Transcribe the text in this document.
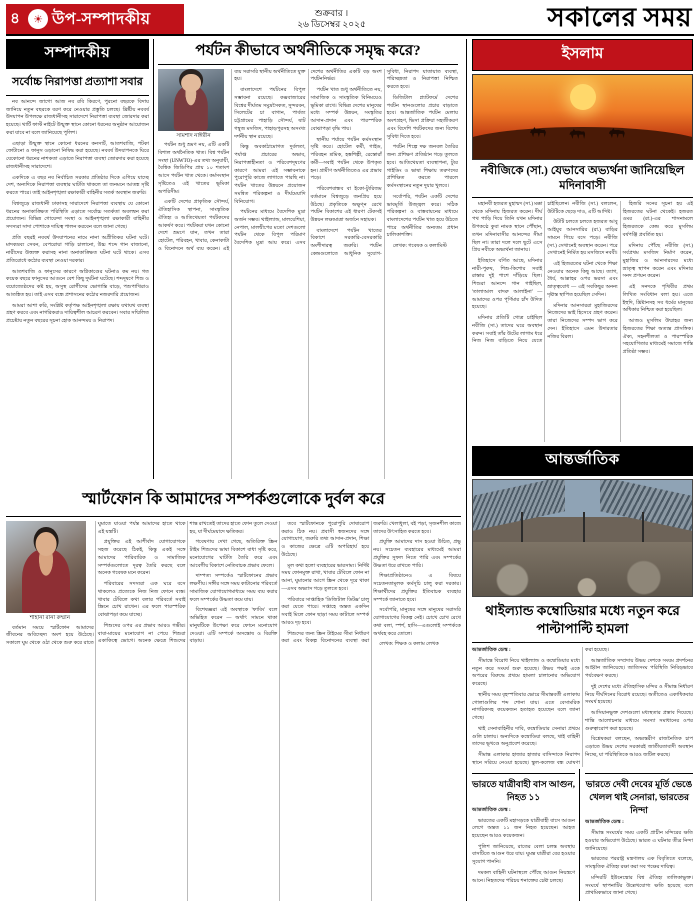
৪	☀ উপ-সম্পাদকীয়	শুক্রবার ।
২৬ ডিসেম্বর ২০২৫	সকালের সময়
সম্পাদকীয়
সর্বোচ্চ নিরাপত্তা প্রত্যাশা সবার

নব আনন্দে জাগো আজ নব রবি কিরণে, পুরনো বছরকে বিদায় জানিয়ে নতুন বছরকে বরণ করে নেওয়ার প্রস্তুতি চলছে। খ্রিষ্টীয় নববর্ষ উদযাপন উপলক্ষে রাজধানীসহ সারাদেশে নিরাপত্তা ব্যবস্থা জোরদার করা হয়েছে। থার্টি ফার্স্ট নাইটে উন্মুক্ত স্থানে কোনো ধরনের অনুষ্ঠান আয়োজন করা যাবে না বলে জানিয়েছে পুলিশ।

এছাড়া উন্মুক্ত স্থানে কোনো ধরনের কনসার্ট, আতশবাজি, পটকা ফোটানো ও ফানুস ওড়ানো নিষিদ্ধ করা হয়েছে। নববর্ষ উদযাপনকে ঘিরে যেকোনো ধরনের নাশকতা এড়াতে নিরাপত্তা ব্যবস্থা জোরদার করা হয়েছে রাজধানীসহ সারাদেশে।

একদিকে এ বছর নব নির্বাচিত সরকার প্রতিষ্ঠার দিকে এগিয়ে যাচ্ছে দেশ, অন্যদিকে নিরাপত্তা ব্যবস্থার ঘাটতি থাকলে তা জনমনে আতঙ্ক সৃষ্টি করতে পারে। তাই আইনশৃঙ্খলা রক্ষাকারী বাহিনীর সতর্ক অবস্থান জরুরি।

বিশ্বজুড়ে রাজধানী ঢাকাসহ সারাদেশে নিরাপত্তা ব্যবস্থায় যে কোনো ধরনের অনাকাঙ্ক্ষিত পরিস্থিতি এড়াতে সর্বোচ্চ সতর্কতা অবলম্বন করা প্রয়োজন। বিভিন্ন গোয়েন্দা সংস্থা ও আইনশৃঙ্খলা রক্ষাকারী বাহিনীর সদস্যরা সাদা পোশাকে দায়িত্ব পালন করবেন বলে জানা গেছে।

প্রতি বছরই নববর্ষ উদযাপনের নামে নানা অপ্রীতিকর ঘটনা ঘটে। মাদকদ্রব্য সেবন, বেপরোয়া গাড়ি চালানো, উচ্চ শব্দে গান বাজানো, নারীদের উত্ত্যক্ত করাসহ নানা অনাকাঙ্ক্ষিত ঘটনা ঘটে থাকে। এসব প্রতিরোধে কঠোর ব্যবস্থা নেওয়া দরকার।

আতশবাজি ও ফানুসের কারণে অগ্নিকাণ্ডের ঘটনাও কম নয়। গত কয়েক বছরে ফানুসের আগুনে বেশ কিছু দুর্ঘটনা ঘটেছে। শব্দদূষণে শিশু ও বয়োজ্যেষ্ঠদের কষ্ট হয়, অসুস্থ রোগীদের ভোগান্তি বাড়ে, পশুপাখিরাও আতঙ্কিত হয়। তাই এসব বন্ধে প্রশাসনের কঠোর নজরদারি প্রয়োজন।

আমরা আশা করি, সংশ্লিষ্ট কর্তৃপক্ষ আইনশৃঙ্খলা রক্ষায় যথাযথ ব্যবস্থা গ্রহণ করবে এবং নাগরিকরাও দায়িত্বশীল আচরণ করবেন। সবার সম্মিলিত প্রচেষ্টায় নতুন বছরের সূচনা হোক আনন্দময় ও নিরাপদ।

পর্যটন কীভাবে অর্থনীতিকে সমৃদ্ধ করে?
সামশাদ নাঈরীন

পর্যটন শুধু ভ্রমণ নয়, এটি একটি বিশাল অর্থনৈতিক খাত। বিশ্ব পর্যটন সংস্থা (UNWTO)-এর তথ্য অনুযায়ী, বৈশ্বিক জিডিপির প্রায় ১০ শতাংশ আসে পর্যটন খাত থেকে। কর্মসংস্থান সৃষ্টিতেও এই খাতের ভূমিকা অপরিসীম।

একটি দেশের প্রাকৃতিক সৌন্দর্য, ঐতিহাসিক স্থাপনা, সাংস্কৃতিক ঐতিহ্য ও আতিথেয়তা পর্যটকদের আকর্ষণ করে। পর্যটকরা যখন কোনো দেশে ভ্রমণে যান, তখন তারা হোটেল, পরিবহন, খাবার, কেনাকাটা ও বিনোদনে অর্থ ব্যয় করেন। এই ব্যয় সরাসরি স্থানীয় অর্থনীতিতে যুক্ত হয়।

বাংলাদেশে পর্যটনের বিপুল সম্ভাবনা রয়েছে। কক্সবাজারের বিশ্বের দীর্ঘতম সমুদ্রসৈকত, সুন্দরবন, সিলেটের চা বাগান, পার্বত্য চট্টগ্রামের পাহাড়ি সৌন্দর্য, ষাট গম্বুজ মসজিদ, পাহাড়পুরসহ অসংখ্য দর্শনীয় স্থান রয়েছে।

কিন্তু অবকাঠামোগত দুর্বলতা, পর্যাপ্ত প্রচারের অভাব, নিরাপত্তাহীনতা ও পরিবেশদূষণের কারণে আমরা এই সম্ভাবনাকে পুরোপুরি কাজে লাগাতে পারছি না। পর্যটন খাতের উন্নয়নে প্রয়োজন সমন্বিত পরিকল্পনা ও দীর্ঘমেয়াদি বিনিয়োগ।

পর্যটনের মাধ্যমে বৈদেশিক মুদ্রা অর্জন সম্ভব। থাইল্যান্ড, মালয়েশিয়া, নেপাল, মালদ্বীপের মতো দেশগুলো পর্যটন থেকে বিপুল পরিমাণ বৈদেশিক মুদ্রা আয় করে। এসব দেশের অর্থনীতির একটি বড় অংশ পর্যটননির্ভর।

পর্যটন খাত শুধু অর্থনীতিতে নয়, সামাজিক ও সাংস্কৃতিক বিনিময়েও ভূমিকা রাখে। বিভিন্ন দেশের মানুষের মধ্যে সম্পর্ক উন্নয়ন, সংস্কৃতির আদান-প্রদান এবং পারস্পরিক বোঝাপড়া বৃদ্ধি পায়।

স্থানীয় পর্যায়ে পর্যটন কর্মসংস্থান সৃষ্টি করে। হোটেল কর্মী, গাইড, পরিবহন শ্রমিক, হস্তশিল্পী, রেস্তোরাঁ কর্মী—সবাই পর্যটন থেকে উপকৃত হন। গ্রামীণ অর্থনীতিতেও এর প্রভাব পড়ে।

পরিবেশবান্ধব বা ইকো-ট্যুরিজম বর্তমানে বিশ্বজুড়ে জনপ্রিয় হয়ে উঠছে। প্রকৃতিকে অক্ষুণ্ন রেখে পর্যটন বিকাশের এই ধারণা টেকসই উন্নয়ন লক্ষ্যমাত্রা অর্জনে সহায়ক।

বাংলাদেশে পর্যটন খাতের বিকাশে সরকারি-বেসরকারি অংশীদারত্ব জরুরি। পর্যটন কেন্দ্রগুলোতে আধুনিক সুযোগ-সুবিধা, নিরাপদ যাতায়াত ব্যবস্থা, পরিচ্ছন্নতা ও নিরাপত্তা নিশ্চিত করতে হবে।

ডিজিটাল প্ল্যাটফর্মে দেশের পর্যটন স্থানগুলোর প্রচার বাড়াতে হবে। আন্তর্জাতিক পর্যটন মেলায় অংশগ্রহণ, ভিসা প্রক্রিয়া সহজীকরণ এবং বিদেশি পর্যটকদের জন্য বিশেষ সুবিধা দিতে হবে।

পর্যটন শিল্পে দক্ষ জনবল তৈরির জন্য প্রশিক্ষণ প্রতিষ্ঠান গড়ে তুলতে হবে। আতিথেয়তা ব্যবস্থাপনা, ট্যুর গাইডিং ও ভাষা শিক্ষায় তরুণদের প্রশিক্ষিত করতে পারলে কর্মসংস্থানের নতুন দুয়ার খুলবে।

সর্বোপরি, পর্যটন একটি দেশের ভাবমূর্তি উজ্জ্বল করে। সঠিক পরিকল্পনা ও বাস্তবায়নের মাধ্যমে বাংলাদেশের পর্যটন খাত হয়ে উঠতে পারে অর্থনীতির অন্যতম প্রধান চালিকাশক্তি।

লেখক: গবেষক ও কলামিস্ট

স্মার্টফোন কি আমাদের সম্পর্কগুলোকে দুর্বল করে
শাহানা রানা রুম্মান

বর্তমান সময়ে স্মার্টফোন আমাদের জীবনের অবিচ্ছেদ্য অংশ হয়ে উঠেছে। সকালে ঘুম থেকে ওঠা থেকে শুরু করে রাতে ঘুমাতে যাওয়া পর্যন্ত আমাদের হাতে থাকে এই যন্ত্রটি।

প্রযুক্তির এই আশীর্বাদ যোগাযোগকে সহজ করেছে ঠিকই, কিন্তু একই সঙ্গে আমাদের পারিবারিক ও সামাজিক সম্পর্কগুলোতে দূরত্ব তৈরি করছে বলে অনেক গবেষক মনে করেন।

পরিবারের সদস্যরা এক ঘরে বসে থাকলেও প্রত্যেকে নিজ নিজ ফোনে ব্যস্ত। খাবার টেবিলে কথা বলার পরিবর্তে সবাই স্ক্রিনে চোখ রাখেন। এর ফলে পারস্পরিক বোঝাপড়া কমে যাচ্ছে।

শিশুদের ওপর এর প্রভাব আরও গভীর। বাবা-মায়ের মনোযোগ না পেয়ে শিশুরা একাকিত্বে ভোগে। অনেক ক্ষেত্রে শিশুদের শান্ত রাখতেই তাদের হাতে ফোন তুলে দেওয়া হয়, যা দীর্ঘমেয়াদে ক্ষতিকর।

গবেষণায় দেখা গেছে, অতিরিক্ত স্ক্রিন টাইম শিশুদের ভাষা বিকাশে বাধা সৃষ্টি করে, মনোযোগের ঘাটতি তৈরি করে এবং আবেগীয় বিকাশে নেতিবাচক প্রভাব ফেলে।

দাম্পত্য সম্পর্কেও স্মার্টফোনের প্রভাব লক্ষণীয়। সঙ্গীর সঙ্গে সময় কাটানোর পরিবর্তে সামাজিক যোগাযোগমাধ্যমে সময় ব্যয় করার ফলে সম্পর্কের উষ্ণতা কমে যায়।

বিশেষজ্ঞরা এই অবস্থাকে 'ফাবিং' বলে অভিহিত করেন — অর্থাৎ সামনে থাকা মানুষটিকে উপেক্ষা করে ফোনে মনোযোগ দেওয়া। এটি সম্পর্কে অসন্তোষ ও বিরক্তি বাড়ায়।

তবে স্মার্টফোনকে পুরোপুরি দোষারোপ করাও ঠিক নয়। প্রবাসী স্বজনদের সঙ্গে যোগাযোগ, জরুরি তথ্য আদান-প্রদান, শিক্ষা ও কাজের ক্ষেত্রে এটি অপরিহার্য হয়ে উঠেছে।

মূল কথা হলো ব্যবহারের ভারসাম্য। নির্দিষ্ট সময় ফোনমুক্ত রাখা, খাবার টেবিলে ফোন না আনা, ঘুমানোর আগে স্ক্রিন থেকে দূরে থাকা—এসব অভ্যাস গড়ে তুলতে হবে।

পরিবারে সাপ্তাহিক 'ডিজিটাল ডিটক্স' চালু করা যেতে পারে। সপ্তাহে অন্তত একদিন সবাই মিলে ফোন ছাড়া সময় কাটালে সম্পর্ক আরও দৃঢ় হবে।

শিশুদের জন্য স্ক্রিন টাইমের সীমা নির্ধারণ করা এবং বিকল্প বিনোদনের ব্যবস্থা করা জরুরি। খেলাধুলা, বই পড়া, সৃজনশীল কাজে তাদের উৎসাহিত করতে হবে।

প্রযুক্তি আমাদের দাস হওয়া উচিত, প্রভু নয়। সচেতন ব্যবহারের মাধ্যমেই আমরা প্রযুক্তির সুফল নিতে পারি এবং সম্পর্কের উষ্ণতা ধরে রাখতে পারি।

শিক্ষাপ্রতিষ্ঠানেও এ বিষয়ে সচেতনতামূলক কর্মসূচি চালু করা দরকার। শিক্ষার্থীদের প্রযুক্তির ইতিবাচক ব্যবহার সম্পর্কে জানাতে হবে।

সর্বোপরি, মানুষের সঙ্গে মানুষের সরাসরি যোগাযোগের বিকল্প নেই। চোখে চোখ রেখে কথা বলা, স্পর্শ, হাসি—এগুলোই সম্পর্ককে অর্থবহ করে তোলে।

লেখক: শিক্ষক ও কলাম লেখক

ইসলাম
নবীজিকে (সা.) যেভাবে অভ্যর্থনা জানিয়েছিল মদিনাবাসী

মহানবী হজরত মুহাম্মদ (সা.) মক্কা থেকে মদিনায় হিজরত করেন। দীর্ঘ পথ পাড়ি দিয়ে তিনি যখন মদিনার উপকণ্ঠে কুবা নামক স্থানে পৌঁছান, তখন মদিনাবাসীর আনন্দের সীমা ছিল না। তারা দলে দলে ছুটে এসে প্রিয় নবীকে অভ্যর্থনা জানায়।

ইতিহাসে বর্ণিত আছে, মদিনার নারী-পুরুষ, শিশু-কিশোর সবাই রাস্তার দুই পাশে দাঁড়িয়ে ছিল। শিশুরা আনন্দে গান গাইছিল, 'তালাআল বাদরু আলাইনা' — আমাদের ওপর পূর্ণিমার চাঁদ উদিত হয়েছে।

মদিনার প্রতিটি গোত্র চাইছিল নবীজি (সা.) তাদের ঘরে অবস্থান করুন। সবাই তাঁর উটের লাগাম ধরে নিজ নিজ বাড়িতে নিয়ে যেতে চাইছিলেন। নবীজি (সা.) বললেন, উটটিকে ছেড়ে দাও, এটি আদিষ্ট।

উটটি চলতে চলতে হজরত আবু আইয়ুব আনসারির (রা.) বাড়ির সামনে গিয়ে বসে পড়ে। নবীজি (সা.) সেখানেই অবস্থান করেন। পরে সেখানেই নির্মিত হয় মসজিদে নববী।

এই হিজরতের ঘটনা থেকে শিক্ষা নেওয়ার অনেক কিছু আছে। ত্যাগ, ধৈর্য, আল্লাহর ওপর ভরসা এবং ভ্রাতৃত্ববোধ — এই সবকিছুর অনন্য দৃষ্টান্ত স্থাপিত হয়েছিল সেদিন।

মদিনার আনসাররা মুহাজিরদের নিজেদের ভাই হিসেবে গ্রহণ করেন। তারা নিজেদের সম্পদ ভাগ করে দেন। ইতিহাসে এমন উদারতার নজির বিরল।

হিজরি সনের সূচনা হয় এই হিজরতের ঘটনা থেকেই। হজরত ওমর (রা.)-এর শাসনামলে হিজরতকে কেন্দ্র করে মুসলিম বর্ষপঞ্জি প্রবর্তিত হয়।

মদিনায় পৌঁছে নবীজি (সা.) সর্বপ্রথম মসজিদ নির্মাণ করেন, মুহাজির ও আনসারদের মধ্যে ভ্রাতৃত্ব স্থাপন করেন এবং মদিনার সনদ প্রণয়ন করেন।

এই সনদকে পৃথিবীর প্রথম লিখিত সংবিধান বলা হয়। এতে ইহুদি, খ্রিষ্টানসহ সব ধর্মের মানুষের অধিকার নিশ্চিত করা হয়েছিল।

আজও মুসলিম উম্মাহর জন্য হিজরতের শিক্ষা অত্যন্ত প্রাসঙ্গিক। ঐক্য, সহনশীলতা ও পারস্পরিক সহযোগিতার মাধ্যমেই সমাজে শান্তি প্রতিষ্ঠা সম্ভব।

আন্তর্জাতিক
থাইল্যান্ড কম্বোডিয়ার মধ্যে নতুন করে পাল্টাপাল্টি হামলা

আন্তর্জাতিক ডেস্ক :

সীমান্তে বিরোধ নিয়ে থাইল্যান্ড ও কম্বোডিয়ার মধ্যে নতুন করে সংঘর্ষ শুরু হয়েছে। উভয় পক্ষই একে অপরের বিরুদ্ধে প্রথমে হামলা চালানোর অভিযোগ করেছে।

স্থানীয় সময় বৃহস্পতিবার ভোরে সীমান্তবর্তী এলাকায় গোলাগুলির শব্দ শোনা যায়। এতে বেসামরিক নাগরিকসহ কয়েকজন হতাহত হয়েছেন বলে জানা গেছে।

থাই সেনাবাহিনীর দাবি, কম্বোডিয়ার সেনারা প্রথমে গুলি চালায়। অন্যদিকে কম্বোডিয়া বলছে, থাই বাহিনী তাদের ভূখণ্ডে অনুপ্রবেশ করেছে।

সীমান্ত এলাকার হাজার হাজার বাসিন্দাকে নিরাপদ স্থানে সরিয়ে নেওয়া হয়েছে। স্কুল-কলেজ বন্ধ ঘোষণা করা হয়েছে।

আন্তর্জাতিক সম্প্রদায় উভয় দেশকে সংযম প্রদর্শনের আহ্বান জানিয়েছে। জাতিসংঘ পরিস্থিতি নিবিড়ভাবে পর্যবেক্ষণ করছে।

দুই দেশের মধ্যে ঐতিহাসিক মন্দির ও সীমান্ত নির্ধারণ নিয়ে দীর্ঘদিনের বিরোধ রয়েছে। অতীতেও একাধিকবার সংঘর্ষ হয়েছে।

আসিয়ানভুক্ত দেশগুলো মধ্যস্থতার প্রস্তাব দিয়েছে। শান্তি আলোচনার মাধ্যমে সমস্যা সমাধানের ওপর গুরুত্বারোপ করা হয়েছে।

বিশ্লেষকরা বলছেন, অভ্যন্তরীণ রাজনৈতিক চাপ এড়াতে উভয় দেশের সরকারই জাতীয়তাবাদী অবস্থান নিচ্ছে, যা পরিস্থিতিকে আরও জটিল করছে।

ভারতে যাত্রীবাহী বাস আগুন, নিহত ১১

আন্তর্জাতিক ডেস্ক :

ভারতের একটি মহাসড়কে যাত্রীবাহী বাসে আগুন লেগে অন্তত ১১ জন নিহত হয়েছেন। আহত হয়েছেন আরও কয়েকজন।

পুলিশ জানিয়েছে, রাতের বেলা চলন্ত অবস্থায় বাসটিতে আগুন ধরে যায়। ঘুমন্ত যাত্রীরা বের হওয়ার সুযোগ পাননি।

দমকল বাহিনী ঘটনাস্থলে পৌঁছে আগুন নিয়ন্ত্রণে আনে। নিহতদের পরিচয় শনাক্তের চেষ্টা চলছে।

ভারতে দেবী দেবের মূর্তি ভেঙে খেলল থাই সেনারা, ভারতের নিন্দা

আন্তর্জাতিক ডেস্ক :

সীমান্ত সংঘর্ষের সময় একটি প্রাচীন মন্দিরের ক্ষতি হওয়ার অভিযোগ উঠেছে। ভারত এ ঘটনার তীব্র নিন্দা জানিয়েছে।

ভারতের পররাষ্ট্র মন্ত্রণালয় এক বিবৃতিতে বলেছে, সাংস্কৃতিক ঐতিহ্য রক্ষা করা সব পক্ষের দায়িত্ব।

মন্দিরটি ইউনেস্কোর বিশ্ব ঐতিহ্য তালিকাভুক্ত। সংঘর্ষে স্থাপনাটির উল্লেখযোগ্য ক্ষতি হয়েছে বলে প্রাথমিকভাবে জানা গেছে।
